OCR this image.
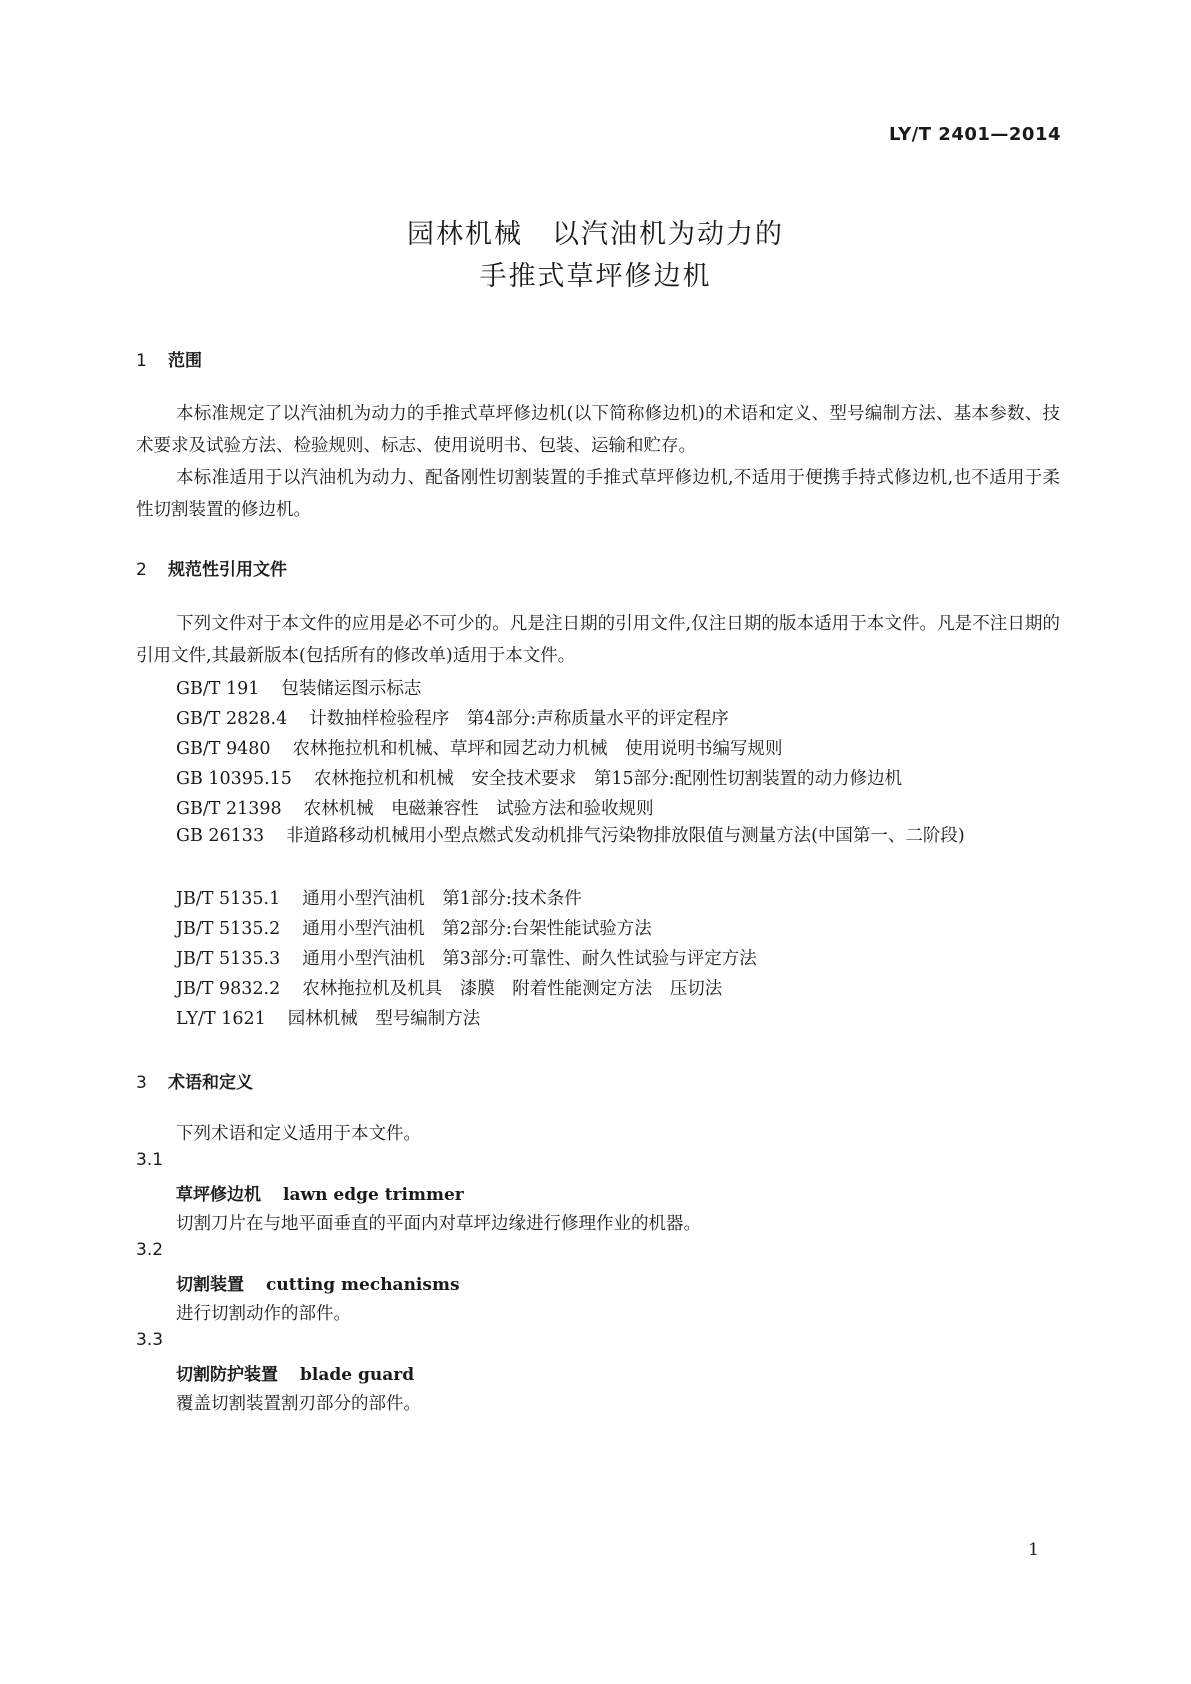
LY/T 2401—2014
园林机械　以汽油机为动力的
手推式草坪修边机
1 范围
本标准规定了以汽油机为动力的手推式草坪修边机(以下简称修边机)的术语和定义、型号编制方法、基本参数、技术要求及试验方法、检验规则、标志、使用说明书、包装、运输和贮存。
本标准适用于以汽油机为动力、配备刚性切割装置的手推式草坪修边机,不适用于便携手持式修边机,也不适用于柔性切割装置的修边机。
2 规范性引用文件
下列文件对于本文件的应用是必不可少的。凡是注日期的引用文件,仅注日期的版本适用于本文件。凡是不注日期的引用文件,其最新版本(包括所有的修改单)适用于本文件。
GB/T 191 包装储运图示标志
GB/T 2828.4 计数抽样检验程序　第4部分:声称质量水平的评定程序
GB/T 9480 农林拖拉机和机械、草坪和园艺动力机械　使用说明书编写规则
GB 10395.15 农林拖拉机和机械　安全技术要求　第15部分:配刚性切割装置的动力修边机
GB/T 21398 农林机械　电磁兼容性　试验方法和验收规则
GB 26133 非道路移动机械用小型点燃式发动机排气污染物排放限值与测量方法(中国第一、二阶段)
JB/T 5135.1 通用小型汽油机　第1部分:技术条件
JB/T 5135.2 通用小型汽油机　第2部分:台架性能试验方法
JB/T 5135.3 通用小型汽油机　第3部分:可靠性、耐久性试验与评定方法
JB/T 9832.2 农林拖拉机及机具　漆膜　附着性能测定方法　压切法
LY/T 1621 园林机械　型号编制方法
3 术语和定义
下列术语和定义适用于本文件。
3.1
草坪修边机 lawn edge trimmer
切割刀片在与地平面垂直的平面内对草坪边缘进行修理作业的机器。
3.2
切割装置 cutting mechanisms
进行切割动作的部件。
3.3
切割防护装置 blade guard
覆盖切割装置割刃部分的部件。
1
